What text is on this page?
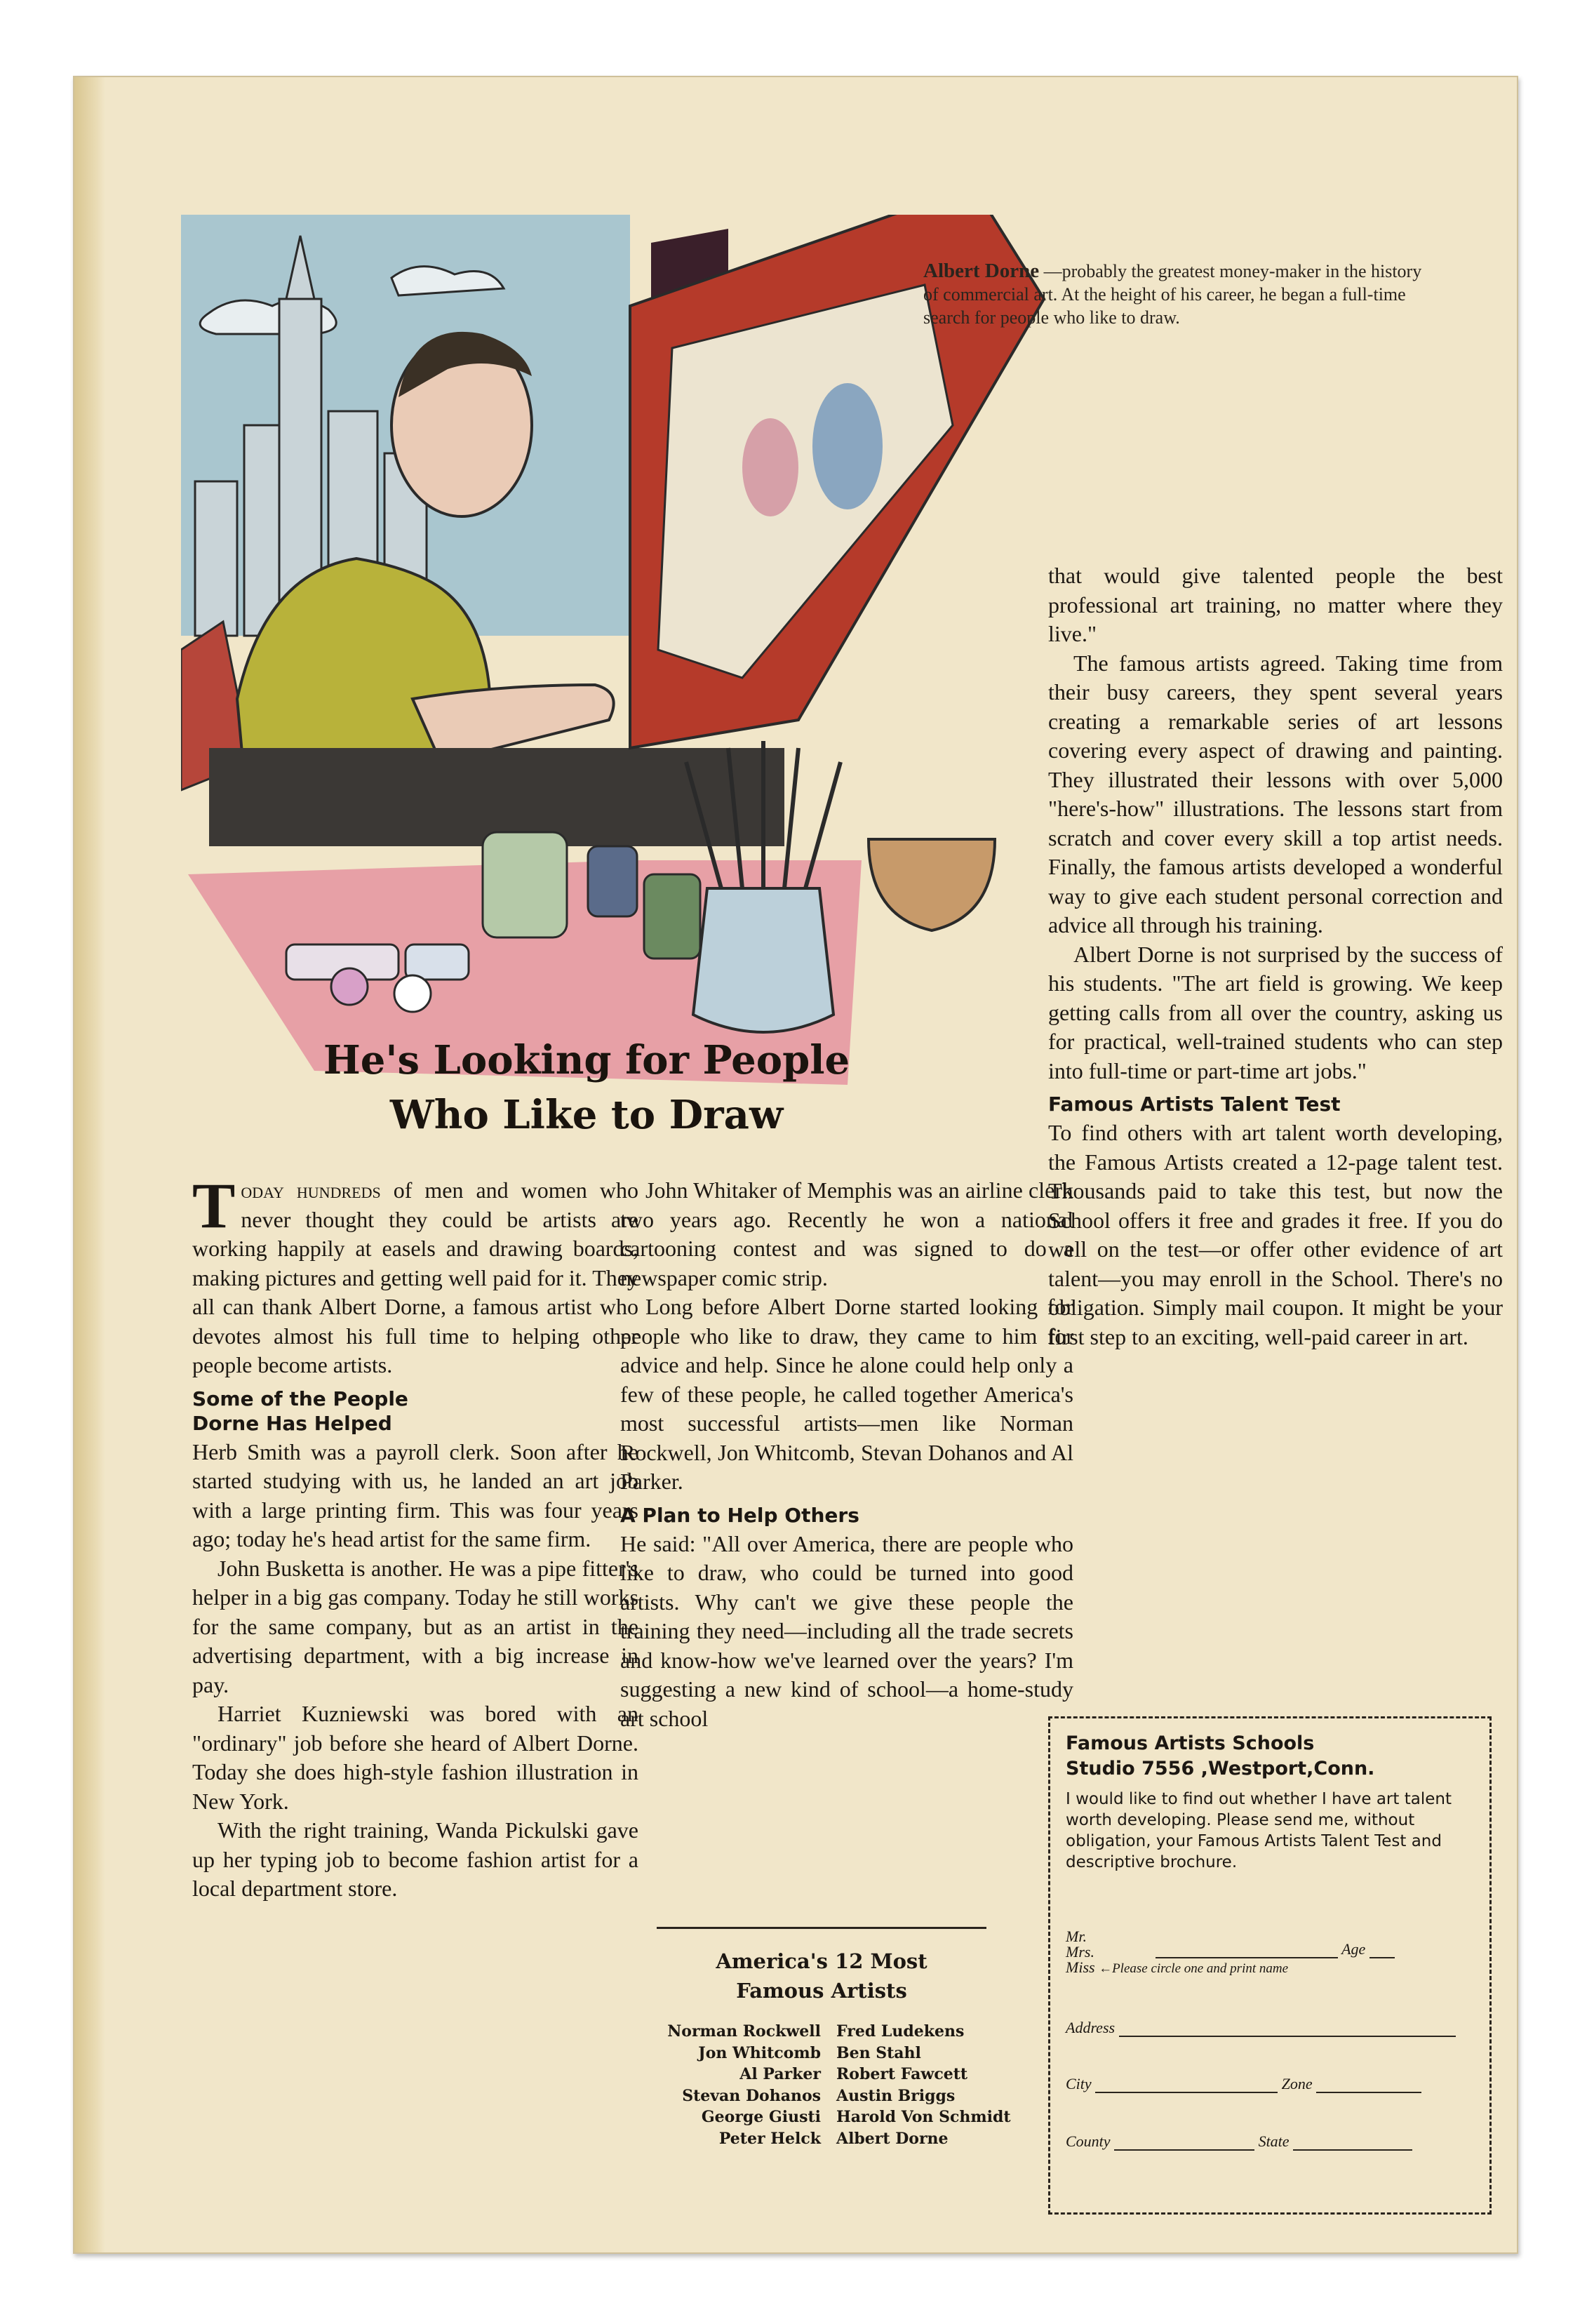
Albert Dorne —probably the greatest money-maker in the history of commercial art. At the height of his career, he began a full-time search for people who like to draw.
He's Looking for People
Who Like to Draw

Today hundreds of men and women who never thought they could be artists are working happily at easels and drawing boards, making pictures and getting well paid for it. They all can thank Albert Dorne, a famous artist who devotes almost his full time to helping other people become artists.

Some of the People
Dorne Has Helped

Herb Smith was a payroll clerk. Soon after he started studying with us, he landed an art job with a large printing firm. This was four years ago; today he's head artist for the same firm.

John Busketta is another. He was a pipe fitter's helper in a big gas company. Today he still works for the same company, but as an artist in the advertising department, with a big increase in pay.

Harriet Kuzniewski was bored with an "ordinary" job before she heard of Albert Dorne. Today she does high-style fashion illustration in New York.

With the right training, Wanda Pickulski gave up her typing job to become fashion artist for a local department store.

John Whitaker of Memphis was an airline clerk two years ago. Recently he won a national cartooning contest and was signed to do a newspaper comic strip.

Long before Albert Dorne started looking for people who like to draw, they came to him for advice and help. Since he alone could help only a few of these people, he called together America's most successful artists—men like Norman Rockwell, Jon Whitcomb, Stevan Dohanos and Al Parker.

A Plan to Help Others

He said: "All over America, there are people who like to draw, who could be turned into good artists. Why can't we give these people the training they need—including all the trade secrets and know-how we've learned over the years? I'm suggesting a new kind of school—a home-study art school

America's 12 Most
Famous Artists
Norman Rockwell Fred Ludekens
Jon Whitcomb Ben Stahl
Al Parker Robert Fawcett
Stevan Dohanos Austin Briggs
George Giusti Harold Von Schmidt
Peter Helck Albert Dorne

that would give talented people the best professional art training, no matter where they live."

The famous artists agreed. Taking time from their busy careers, they spent several years creating a remarkable series of art lessons covering every aspect of drawing and painting. They illustrated their lessons with over 5,000 "here's-how" illustrations. The lessons start from scratch and cover every skill a top artist needs. Finally, the famous artists developed a wonderful way to give each student personal correction and advice all through his training.

Albert Dorne is not surprised by the success of his students. "The art field is growing. We keep getting calls from all over the country, asking us for practical, well-trained students who can step into full-time or part-time art jobs."

Famous Artists Talent Test

To find others with art talent worth developing, the Famous Artists created a 12-page talent test. Thousands paid to take this test, but now the School offers it free and grades it free. If you do well on the test—or offer other evidence of art talent—you may enroll in the School. There's no obligation. Simply mail coupon. It might be your first step to an exciting, well-paid career in art.

Famous Artists Schools
Studio 7556 ,Westport,Conn.
I would like to find out whether I have art talent worth developing. Please send me, without obligation, your Famous Artists Talent Test and descriptive brochure.
Mr.
Mrs.
Miss ←Please circle one and print name
Age
Address
City	Zone
County	State
